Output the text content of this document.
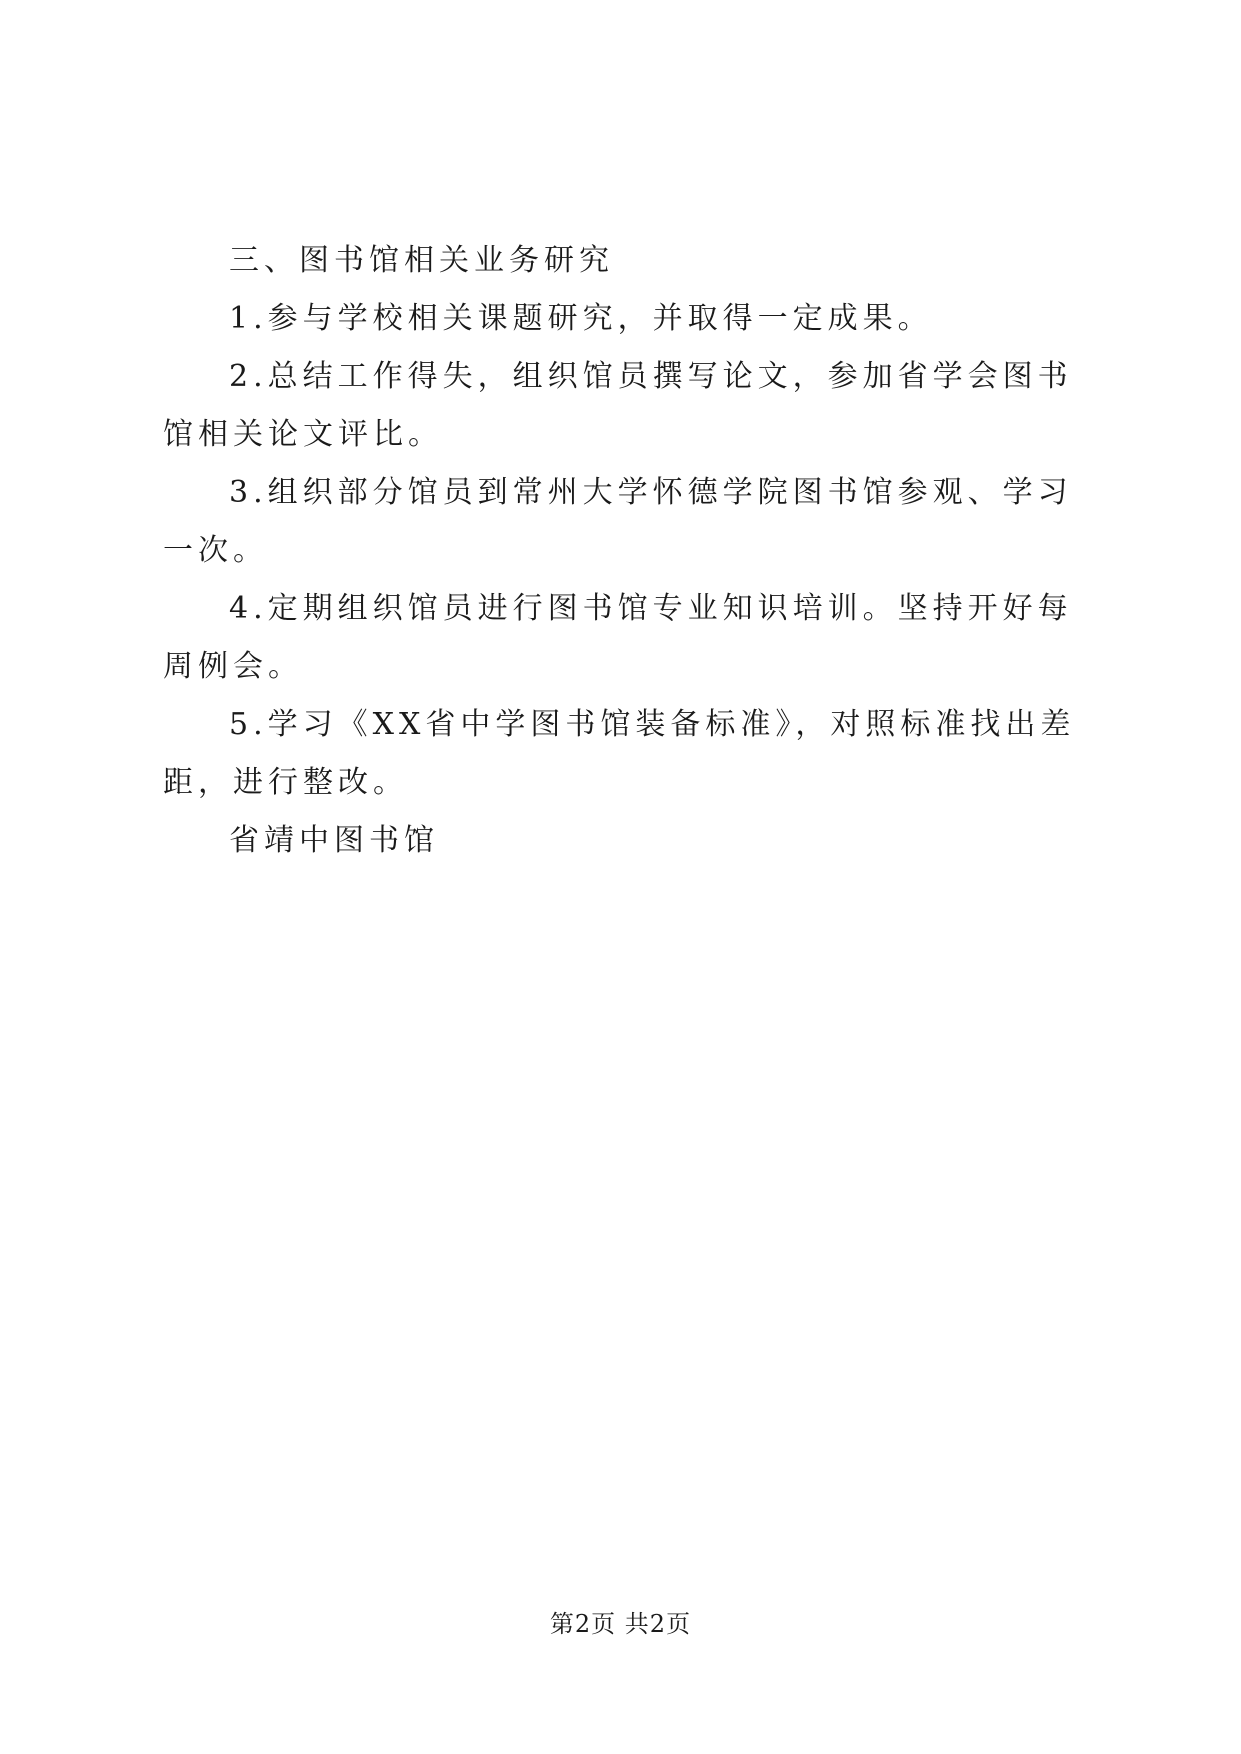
三、图书馆相关业务研究

1.参与学校相关课题研究，并取得一定成果。

2.总结工作得失，组织馆员撰写论文，参加省学会图书馆相关论文评比。

3.组织部分馆员到常州大学怀德学院图书馆参观、学习一次。

4.定期组织馆员进行图书馆专业知识培训。坚持开好每周例会。

5.学习《XX省中学图书馆装备标准》，对照标准找出差距，进行整改。

省靖中图书馆

第2页 共2页
